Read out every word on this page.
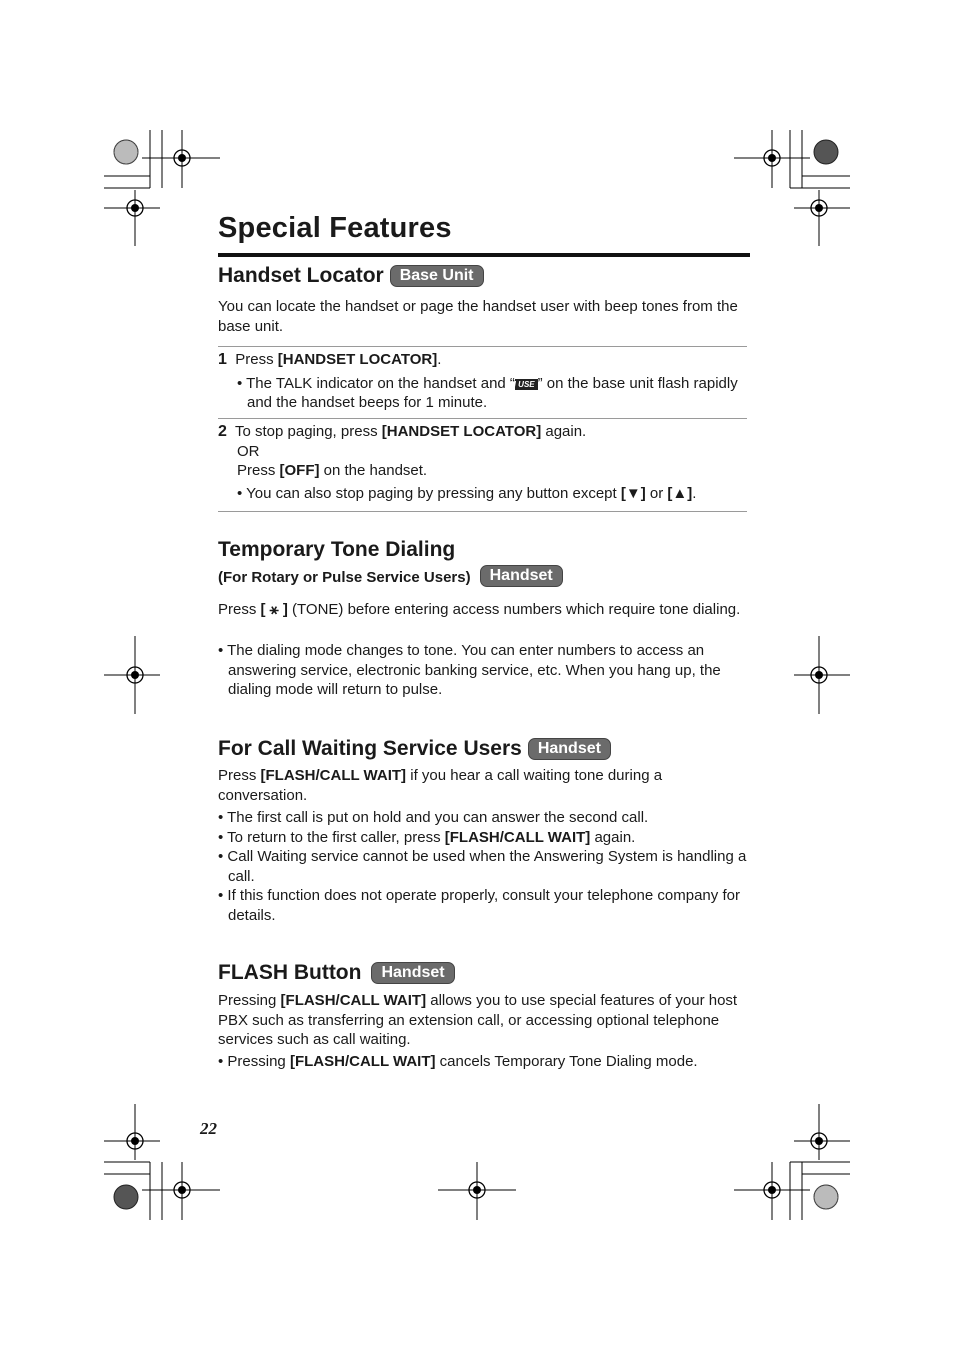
Special Features
Handset Locator Base Unit

You can locate the handset or page the handset user with beep tones from the base unit.

1 Press [HANDSET LOCATOR].
• The TALK indicator on the handset and “IN USE ” on the base unit flash rapidly and the handset beeps for 1 minute.
2 To stop paging, press [HANDSET LOCATOR] again.
OR
Press [OFF] on the handset.
• You can also stop paging by pressing any button except [▼] or [▲].
Temporary Tone Dialing
(For Rotary or Pulse Service Users) Handset

Press [ ⚹ ] (TONE) before entering access numbers which require tone dialing.

• The dialing mode changes to tone. You can enter numbers to access an answering service, electronic banking service, etc. When you hang up, the dialing mode will return to pulse.

For Call Waiting Service Users Handset

Press [FLASH/CALL WAIT] if you hear a call waiting tone during a conversation.

• The first call is put on hold and you can answer the second call.

• To return to the first caller, press [FLASH/CALL WAIT] again.

• Call Waiting service cannot be used when the Answering System is handling a call.

• If this function does not operate properly, consult your telephone company for details.

FLASH Button Handset

Pressing [FLASH/CALL WAIT] allows you to use special features of your host PBX such as transferring an extension call, or accessing optional telephone services such as call waiting.

• Pressing [FLASH/CALL WAIT] cancels Temporary Tone Dialing mode.

22
